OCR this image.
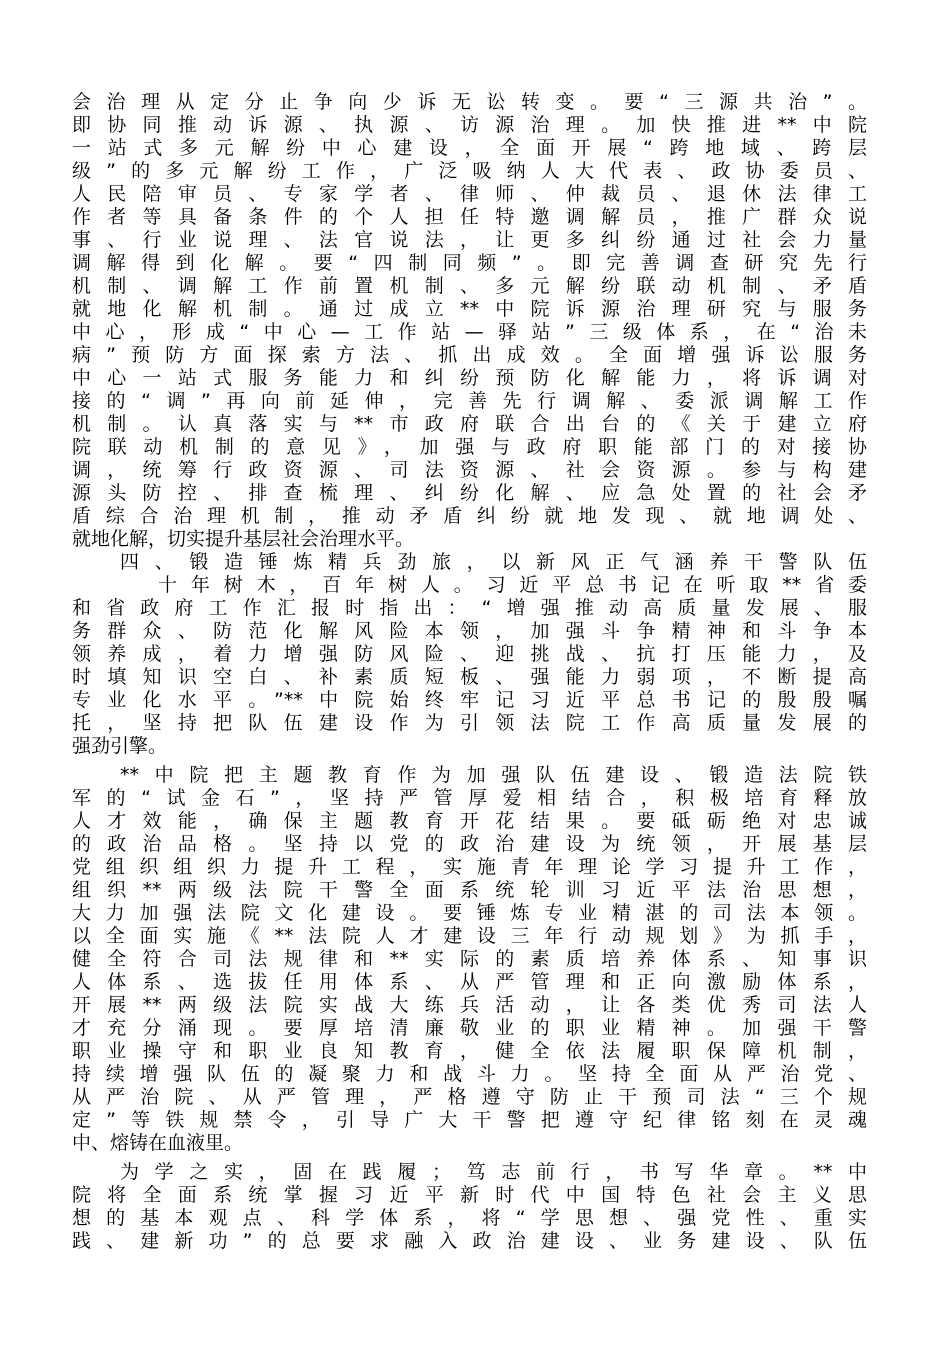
会治理从定分止争向少诉无讼转变。要“三源共治”。
即协同推动诉源、执源、访源治理。加快推进**中院
一站式多元解纷中心建设，全面开展“跨地域、跨层
级”的多元解纷工作，广泛吸纳人大代表、政协委员、
人民陪审员、专家学者、律师、仲裁员、退休法律工
作者等具备条件的个人担任特邀调解员，推广群众说
事、行业说理、法官说法，让更多纠纷通过社会力量
调解得到化解。要“四制同频”。即完善调查研究先行
机制、调解工作前置机制、多元解纷联动机制、矛盾
就地化解机制。通过成立**中院诉源治理研究与服务
中心，形成“中心—工作站—驿站”三级体系，在“治未
病”预防方面探索方法、抓出成效。全面增强诉讼服务
中心一站式服务能力和纠纷预防化解能力，将诉调对
接的“调”再向前延伸，完善先行调解、委派调解工作
机制。认真落实与**市政府联合出台的《关于建立府
院联动机制的意见》，加强与政府职能部门的对接协
调，统筹行政资源、司法资源、社会资源。参与构建
源头防控、排查梳理、纠纷化解、应急处置的社会矛
盾综合治理机制，推动矛盾纠纷就地发现、就地调处、
就地化解，切实提升基层社会治理水平。
四、锻造锤炼精兵劲旅，以新风正气涵养干警队伍
十年树木，百年树人。习近平总书记在听取**省委
和省政府工作汇报时指出：“增强推动高质量发展、服
务群众、防范化解风险本领，加强斗争精神和斗争本
领养成，着力增强防风险、迎挑战、抗打压能力，及
时填知识空白、补素质短板、强能力弱项，不断提高
专业化水平。”**中院始终牢记习近平总书记的殷殷嘱
托，坚持把队伍建设作为引领法院工作高质量发展的
强劲引擎。
**中院把主题教育作为加强队伍建设、锻造法院铁
军的“试金石”，坚持严管厚爱相结合，积极培育释放
人才效能，确保主题教育开花结果。要砥砺绝对忠诚
的政治品格。坚持以党的政治建设为统领，开展基层
党组织组织力提升工程，实施青年理论学习提升工作，
组织**两级法院干警全面系统轮训习近平法治思想，
大力加强法院文化建设。要锤炼专业精湛的司法本领。
以全面实施《**法院人才建设三年行动规划》为抓手，
健全符合司法规律和**实际的素质培养体系、知事识
人体系、选拔任用体系、从严管理和正向激励体系，
开展**两级法院实战大练兵活动，让各类优秀司法人
才充分涌现。要厚培清廉敬业的职业精神。加强干警
职业操守和职业良知教育，健全依法履职保障机制，
持续增强队伍的凝聚力和战斗力。坚持全面从严治党、
从严治院、从严管理，严格遵守防止干预司法“三个规
定”等铁规禁令，引导广大干警把遵守纪律铭刻在灵魂
中、熔铸在血液里。
为学之实，固在践履；笃志前行，书写华章。**中
院将全面系统掌握习近平新时代中国特色社会主义思
想的基本观点、科学体系，将“学思想、强党性、重实
践、建新功”的总要求融入政治建设、业务建设、队伍
